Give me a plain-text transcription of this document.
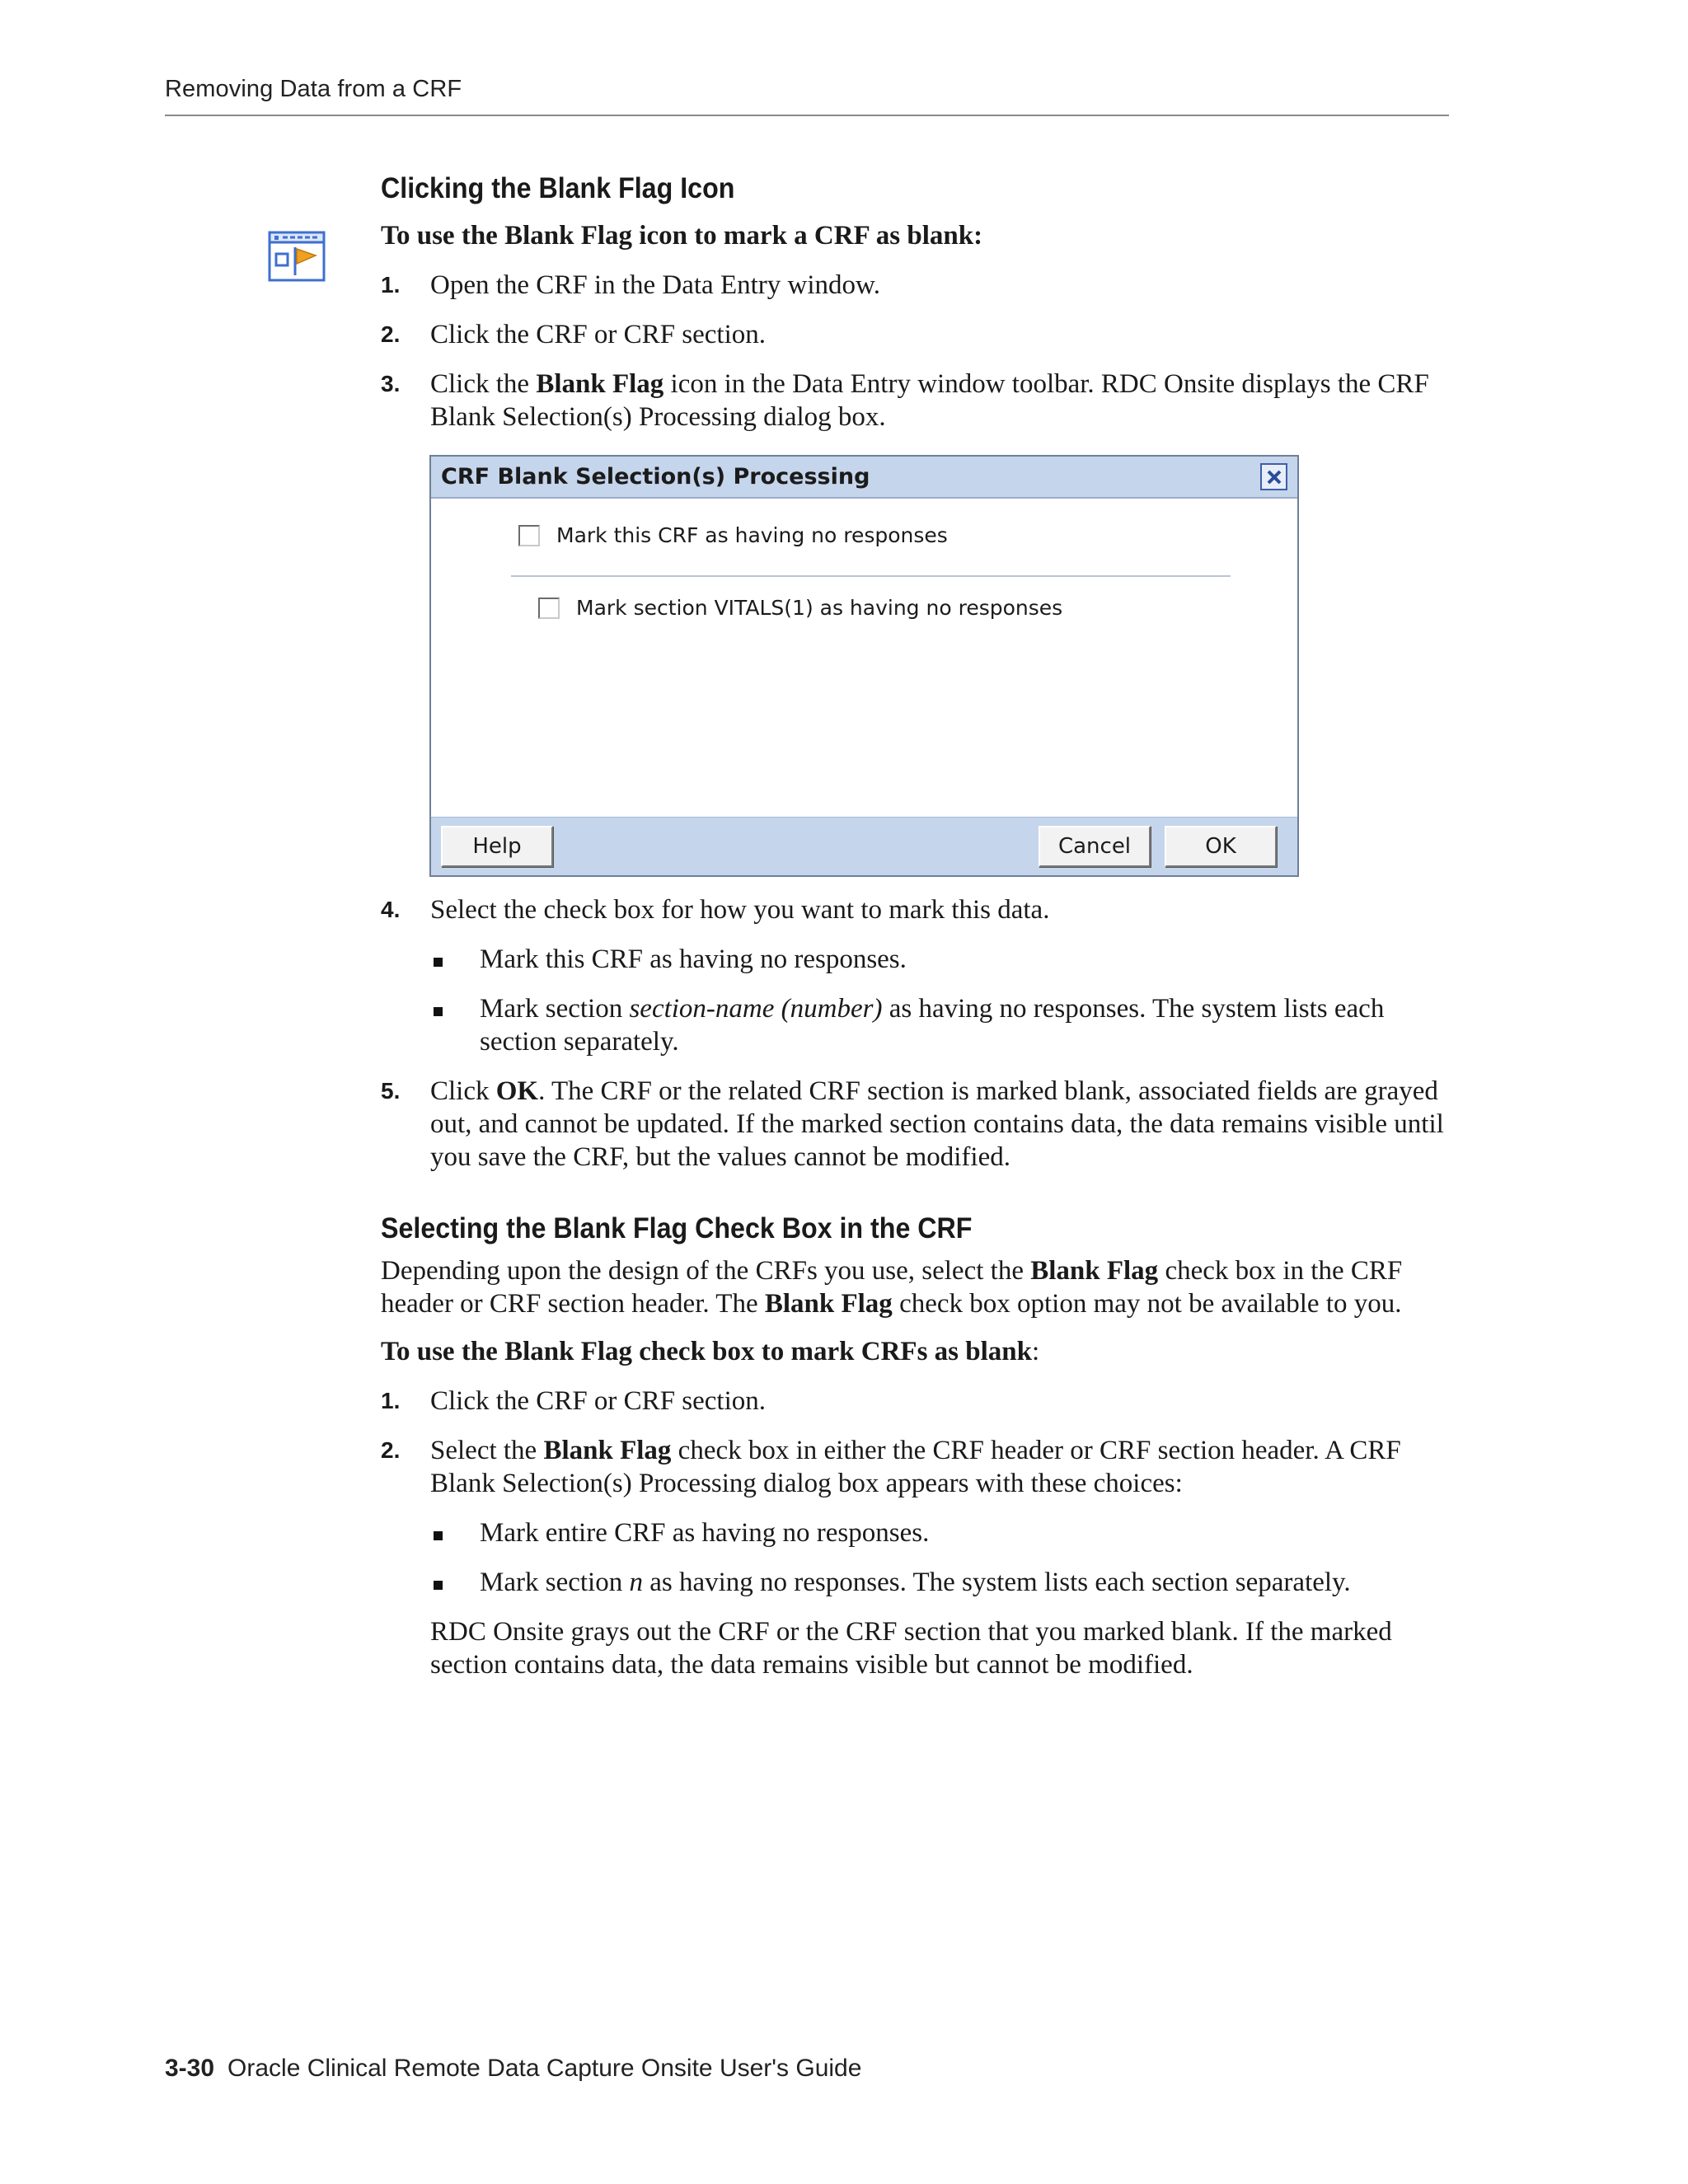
Removing Data from a CRF
Clicking the Blank Flag Icon

To use the Blank Flag icon to mark a CRF as blank:

1. Open the CRF in the Data Entry window.
2. Click the CRF or CRF section.
3. Click the Blank Flag icon in the Data Entry window toolbar. RDC Onsite displays the CRF Blank Selection(s) Processing dialog box.
CRF Blank Selection(s) Processing
Mark this CRF as having no responses
Mark section VITALS(1) as having no responses
Help	Cancel	OK
4. Select the check box for how you want to mark this data.
Mark this CRF as having no responses.
Mark section section-name (number) as having no responses. The system lists each section separately.
5. Click OK. The CRF or the related CRF section is marked blank, associated fields are grayed out, and cannot be updated. If the marked section contains data, the data remains visible until you save the CRF, but the values cannot be modified.
Selecting the Blank Flag Check Box in the CRF

Depending upon the design of the CRFs you use, select the Blank Flag check box in the CRF header or CRF section header. The Blank Flag check box option may not be available to you.

To use the Blank Flag check box to mark CRFs as blank:

1. Click the CRF or CRF section.
2. Select the Blank Flag check box in either the CRF header or CRF section header. A CRF Blank Selection(s) Processing dialog box appears with these choices:
Mark entire CRF as having no responses.
Mark section n as having no responses. The system lists each section separately.

RDC Onsite grays out the CRF or the CRF section that you marked blank. If the marked section contains data, the data remains visible but cannot be modified.

3-30 Oracle Clinical Remote Data Capture Onsite User's Guide
